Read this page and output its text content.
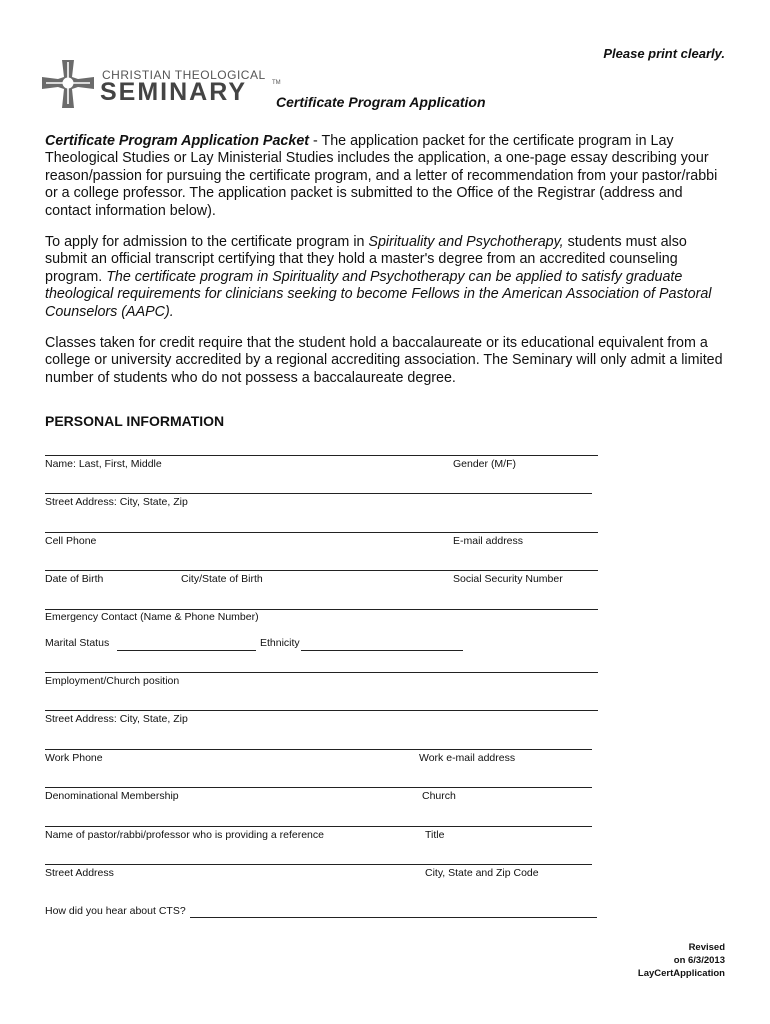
Please print clearly.
CHRISTIAN THEOLOGICAL
SEMINARY	TM
Certificate Program Application

Certificate Program Application Packet - The application packet for the certificate program in Lay Theological Studies or Lay Ministerial Studies includes the application, a one-page essay describing your reason/passion for pursuing the certificate program, and a letter of recommendation from your pastor/rabbi or a college professor. The application packet is submitted to the Office of the Registrar (address and contact information below).

To apply for admission to the certificate program in Spirituality and Psychotherapy, students must also submit an official transcript certifying that they hold a master's degree from an accredited counseling program. The certificate program in Spirituality and Psychotherapy can be applied to satisfy graduate theological requirements for clinicians seeking to become Fellows in the American Association of Pastoral Counselors (AAPC).

Classes taken for credit require that the student hold a baccalaureate or its educational equivalent from a college or university accredited by a regional accrediting association. The Seminary will only admit a limited number of students who do not possess a baccalaureate degree.

PERSONAL INFORMATION
Name: Last, First, Middle	Gender (M/F)
Street Address: City, State, Zip
Cell Phone	E-mail address
Date of Birth	City/State of Birth	Social Security Number
Emergency Contact (Name & Phone Number)
Marital Status	Ethnicity
Employment/Church position
Street Address: City, State, Zip
Work Phone	Work e-mail address
Denominational Membership	Church
Name of pastor/rabbi/professor who is providing a reference	Title
Street Address	City, State and Zip Code
How did you hear about CTS?
Revised
on 6/3/2013
LayCertApplication
